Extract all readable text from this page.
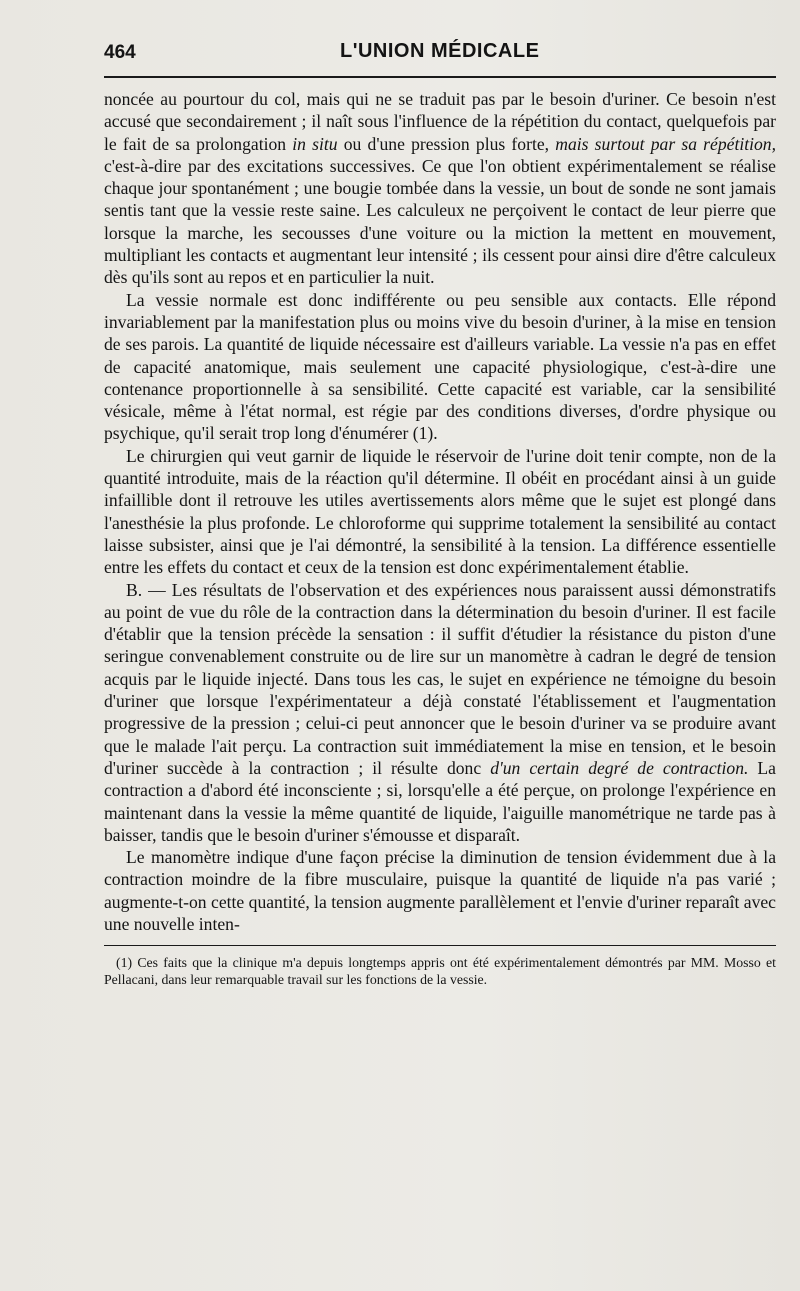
464	L'UNION MÉDICALE

noncée au pourtour du col, mais qui ne se traduit pas par le besoin d'uriner. Ce besoin n'est accusé que secondairement ; il naît sous l'influence de la répétition du contact, quelquefois par le fait de sa prolongation in situ ou d'une pression plus forte, mais surtout par sa répétition, c'est-à-dire par des excitations successives. Ce que l'on obtient expérimentalement se réalise chaque jour spontanément ; une bougie tombée dans la vessie, un bout de sonde ne sont jamais sentis tant que la vessie reste saine. Les calculeux ne perçoivent le contact de leur pierre que lorsque la marche, les secousses d'une voiture ou la miction la mettent en mouvement, multipliant les contacts et augmentant leur intensité ; ils cessent pour ainsi dire d'être calculeux dès qu'ils sont au repos et en particulier la nuit.

La vessie normale est donc indifférente ou peu sensible aux contacts. Elle répond invariablement par la manifestation plus ou moins vive du besoin d'uriner, à la mise en tension de ses parois. La quantité de liquide nécessaire est d'ailleurs variable. La vessie n'a pas en effet de capacité anatomique, mais seulement une capacité physiologique, c'est-à-dire une contenance proportionnelle à sa sensibilité. Cette capacité est variable, car la sensibilité vésicale, même à l'état normal, est régie par des conditions diverses, d'ordre physique ou psychique, qu'il serait trop long d'énumérer (1).

Le chirurgien qui veut garnir de liquide le réservoir de l'urine doit tenir compte, non de la quantité introduite, mais de la réaction qu'il détermine. Il obéit en procédant ainsi à un guide infaillible dont il retrouve les utiles avertissements alors même que le sujet est plongé dans l'anesthésie la plus profonde. Le chloroforme qui supprime totalement la sensibilité au contact laisse subsister, ainsi que je l'ai démontré, la sensibilité à la tension. La différence essentielle entre les effets du contact et ceux de la tension est donc expérimentalement établie.

B. — Les résultats de l'observation et des expériences nous paraissent aussi démonstratifs au point de vue du rôle de la contraction dans la détermination du besoin d'uriner. Il est facile d'établir que la tension précède la sensation : il suffit d'étudier la résistance du piston d'une seringue convenablement construite ou de lire sur un manomètre à cadran le degré de tension acquis par le liquide injecté. Dans tous les cas, le sujet en expérience ne témoigne du besoin d'uriner que lorsque l'expérimentateur a déjà constaté l'établissement et l'augmentation progressive de la pression ; celui-ci peut annoncer que le besoin d'uriner va se produire avant que le malade l'ait perçu. La contraction suit immédiatement la mise en tension, et le besoin d'uriner succède à la contraction ; il résulte donc d'un certain degré de contraction. La contraction a d'abord été inconsciente ; si, lorsqu'elle a été perçue, on prolonge l'expérience en maintenant dans la vessie la même quantité de liquide, l'aiguille manométrique ne tarde pas à baisser, tandis que le besoin d'uriner s'émousse et disparaît.

Le manomètre indique d'une façon précise la diminution de tension évidemment due à la contraction moindre de la fibre musculaire, puisque la quantité de liquide n'a pas varié ; augmente-t-on cette quantité, la tension augmente parallèlement et l'envie d'uriner reparaît avec une nouvelle inten-

(1) Ces faits que la clinique m'a depuis longtemps appris ont été expérimentalement démontrés par MM. Mosso et Pellacani, dans leur remarquable travail sur les fonctions de la vessie.
